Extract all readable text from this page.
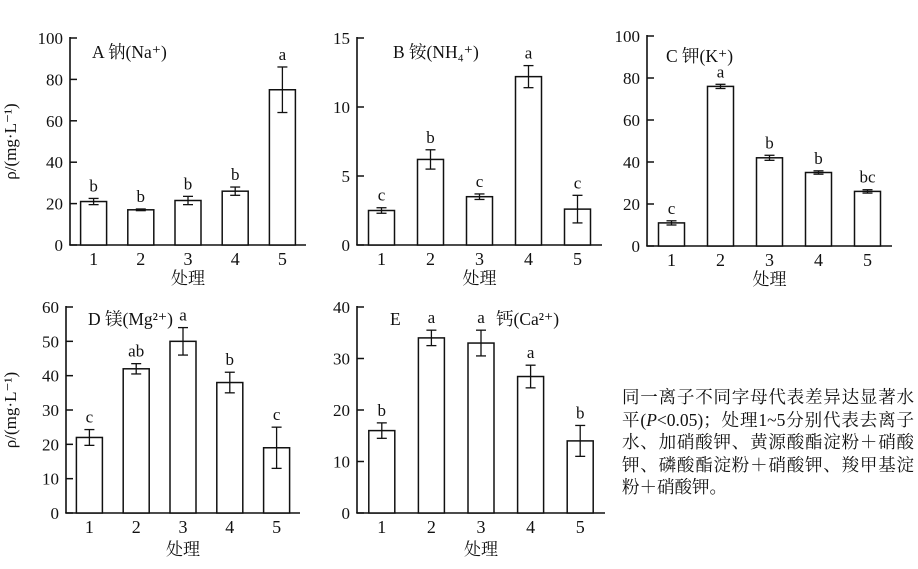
0
20
40
60
80
100
b
1
b
2
b
3
b
4
a
5
处理
ρ/(mg·L⁻¹)
A 钠(Na⁺)
0
5
10
15
c
1
b
2
c
3
a
4
c
5
处理
B 铵(NH₄⁺)
0
20
40
60
80
100
c
1
a
2
b
3
b
4
bc
5
处理
C 钾(K⁺)
0
10
20
30
40
50
60
c
1
ab
2
a
3
b
4
c
5
处理
ρ/(mg·L⁻¹)
D 镁(Mg²⁺)
0
10
20
30
40
b
1
a
2
a
3
a
4
b
5
处理
E	钙(Ca²⁺)
同一离子不同字母代表差异达显著水平(P<0.05)；处理1~5分别代表去离子水、加硝酸钾、黄源酸酯淀粉＋硝酸钾、磷酸酯淀粉＋硝酸钾、羧甲基淀粉＋硝酸钾。
